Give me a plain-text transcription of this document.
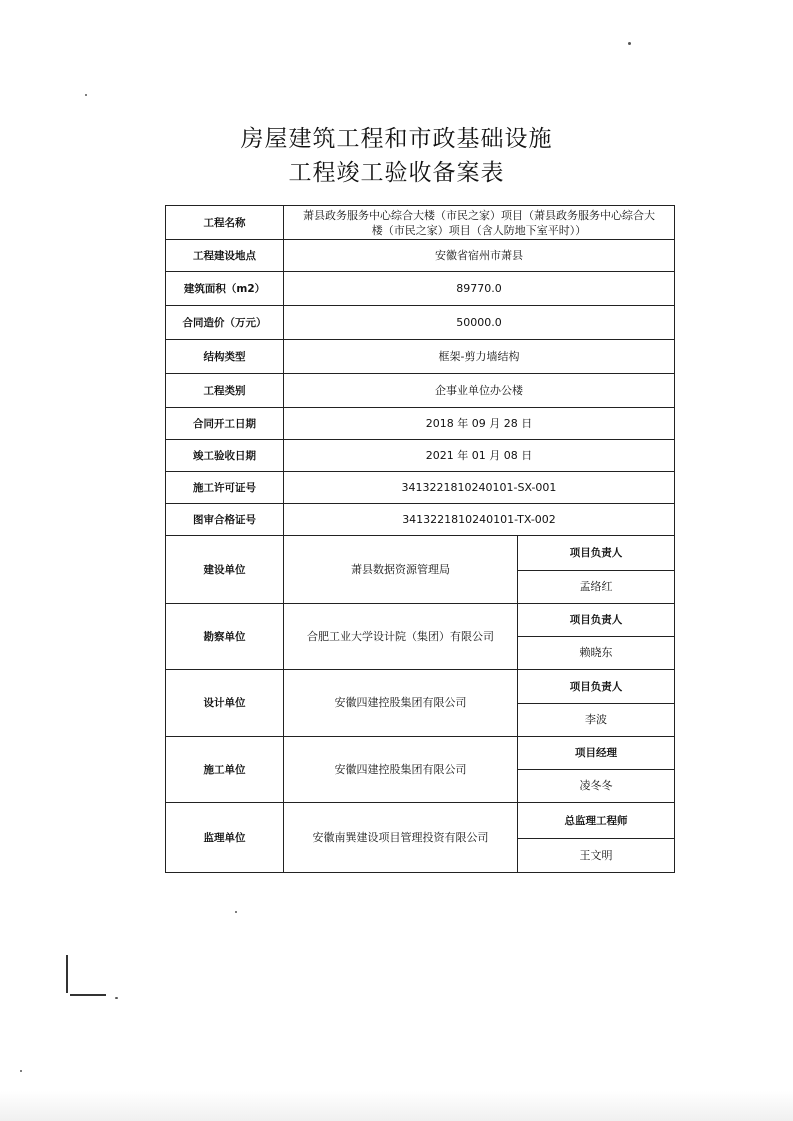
房屋建筑工程和市政基础设施
工程竣工验收备案表
工程名称	萧县政务服务中心综合大楼（市民之家）项目（萧县政务服务中心综合大楼（市民之家）项目（含人防地下室平时））	
工程建设地点	安徽省宿州市萧县	
建筑面积（m2）	89770.0	
合同造价（万元）	50000.0	
结构类型	框架-剪力墙结构	
工程类别	企事业单位办公楼	
合同开工日期	2018 年 09 月 28 日	
竣工验收日期	2021 年 01 月 08 日	
施工许可证号	341322181024010​1-SX-001	
图审合格证号	3413221810240101-TX-002	
建设单位	萧县数据资源管理局	项目负责人
		孟络红
勘察单位	合肥工业大学设计院（集团）有限公司	项目负责人
		赖晓东
设计单位	安徽四建控股集团有限公司	项目负责人
		李波
施工单位	安徽四建控股集团有限公司	项目经理
		凌冬冬
监理单位	安徽南巽建设项目管理投资有限公司	总监理工程师
		王文明
